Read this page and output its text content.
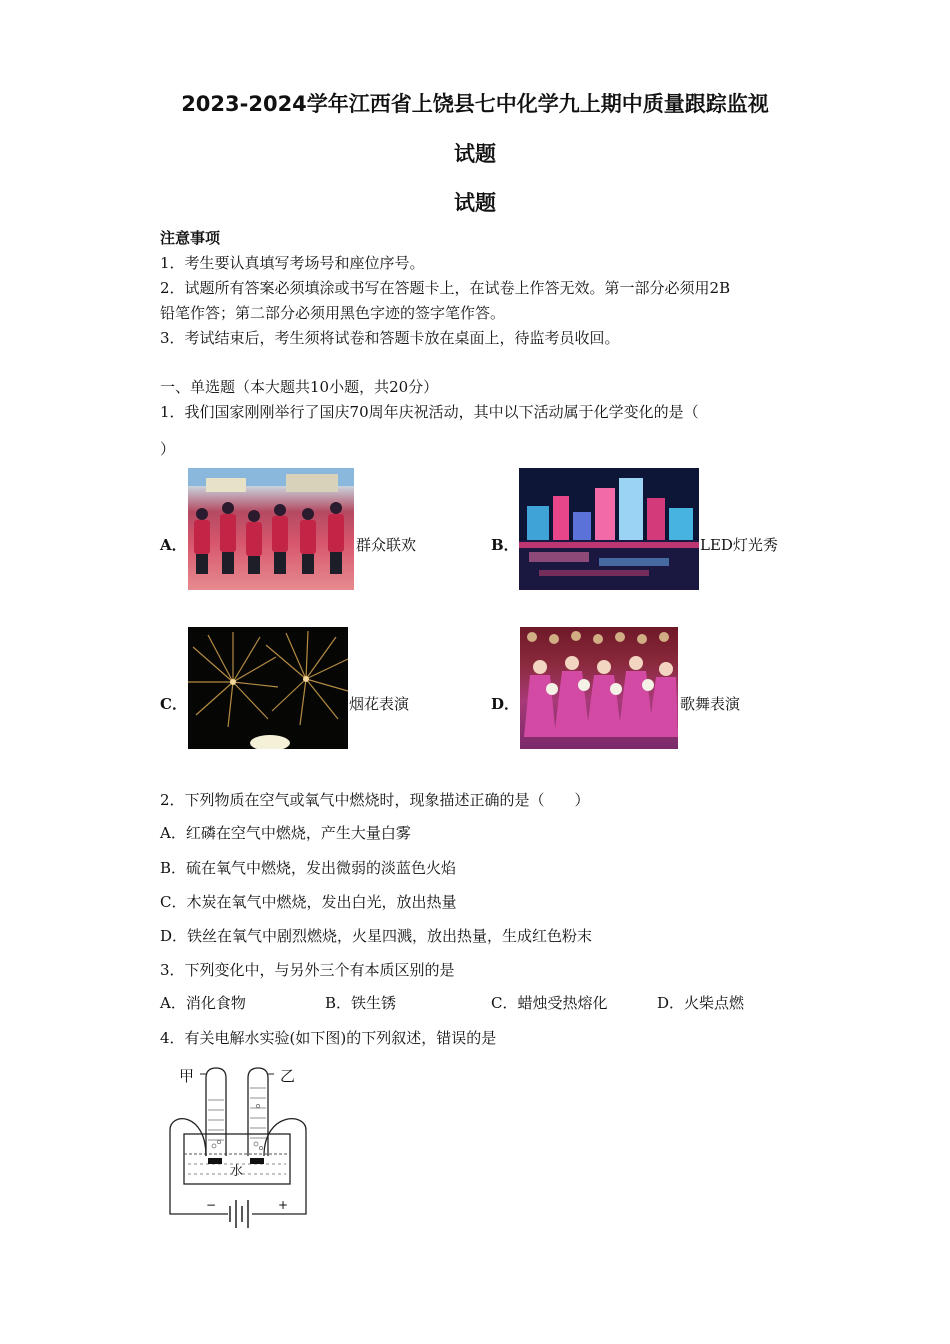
2023-2024学年江西省上饶县七中化学九上期中质量跟踪监视
试题
试题
注意事项
1．考生要认真填写考场号和座位序号。
2．试题所有答案必须填涂或书写在答题卡上，在试卷上作答无效。第一部分必须用2B
铅笔作答；第二部分必须用黑色字迹的签字笔作答。
3．考试结束后，考生须将试卷和答题卡放在桌面上，待监考员收回。
一、单选题（本大题共10小题，共20分）
1．我们国家刚刚举行了国庆70周年庆祝活动，其中以下活动属于化学变化的是（
）
A．	群众联欢	B．	LED灯光秀
C．	烟花表演	D．	歌舞表演
2．下列物质在空气或氧气中燃烧时，现象描述正确的是（　　）
A．红磷在空气中燃烧，产生大量白雾
B．硫在氧气中燃烧，发出微弱的淡蓝色火焰
C．木炭在氧气中燃烧，发出白光，放出热量
D．铁丝在氧气中剧烈燃烧，火星四溅，放出热量，生成红色粉末
3．下列变化中，与另外三个有本质区别的是
A．消化食物	B．铁生锈	C．蜡烛受热熔化	D．火柴点燃
4．有关电解水实验(如下图)的下列叙述，错误的是
甲	乙
水
−	+
